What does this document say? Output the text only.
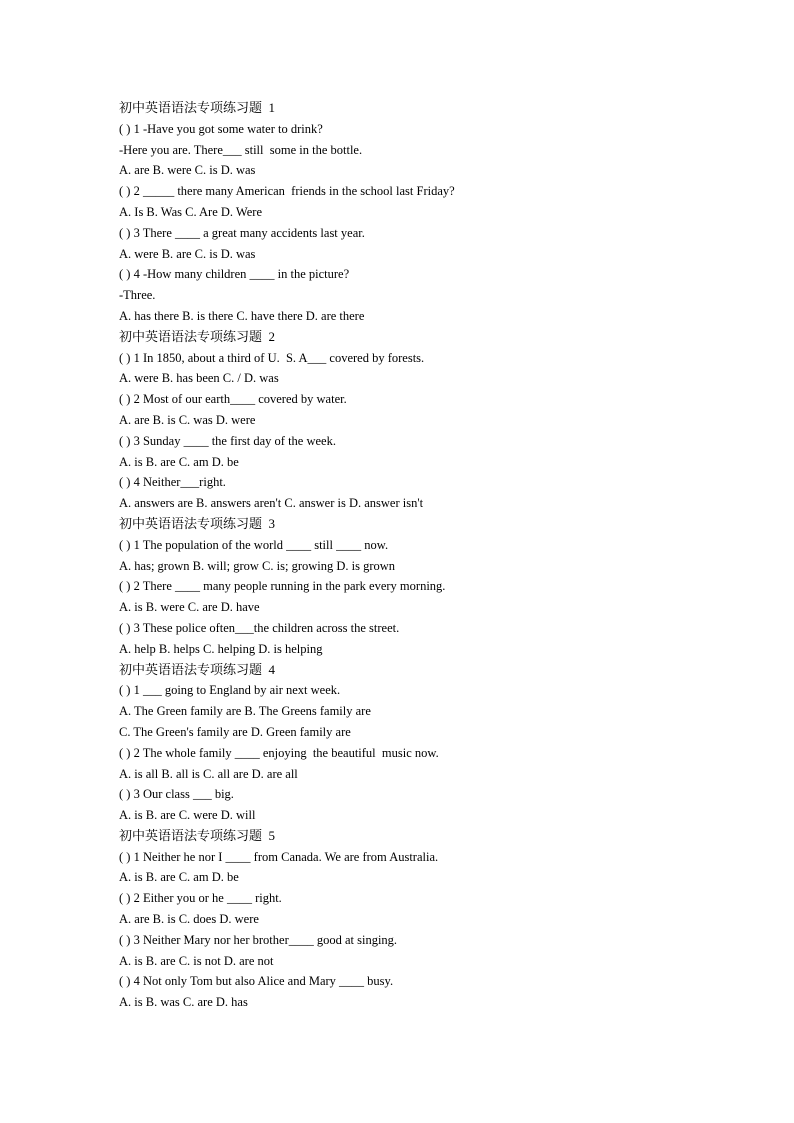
初中英语语法专项练习题  1
( ) 1 -Have you got some water to drink?
-Here you are. There___ still  some in the bottle.
A. are B. were C. is D. was
( ) 2 _____ there many American  friends in the school last Friday?
A. Is B. Was C. Are D. Were
( ) 3 There ____ a great many accidents last year.
A. were B. are C. is D. was
( ) 4 -How many children ____ in the picture?
-Three.
A. has there B. is there C. have there D. are there
初中英语语法专项练习题  2
( ) 1 In 1850, about a third of U.  S. A___ covered by forests.
A. were B. has been C. / D. was
( ) 2 Most of our earth____ covered by water.
A. are B. is C. was D. were
( ) 3 Sunday ____ the first day of the week.
A. is B. are C. am D. be
( ) 4 Neither___right.
A. answers are B. answers aren't C. answer is D. answer isn't
初中英语语法专项练习题  3
( ) 1 The population of the world ____ still ____ now.
A. has; grown B. will; grow C. is; growing D. is grown
( ) 2 There ____ many people running in the park every morning.
A. is B. were C. are D. have
( ) 3 These police often___the children across the street.
A. help B. helps C. helping D. is helping
初中英语语法专项练习题  4
( ) 1 ___ going to England by air next week.
A. The Green family are B. The Greens family are
C. The Green's family are D. Green family are
( ) 2 The whole family ____ enjoying  the beautiful  music now.
A. is all B. all is C. all are D. are all
( ) 3 Our class ___ big.
A. is B. are C. were D. will
初中英语语法专项练习题  5
( ) 1 Neither he nor I ____ from Canada. We are from Australia.
A. is B. are C. am D. be
( ) 2 Either you or he ____ right.
A. are B. is C. does D. were
( ) 3 Neither Mary nor her brother____ good at singing.
A. is B. are C. is not D. are not
( ) 4 Not only Tom but also Alice and Mary ____ busy.
A. is B. was C. are D. has
